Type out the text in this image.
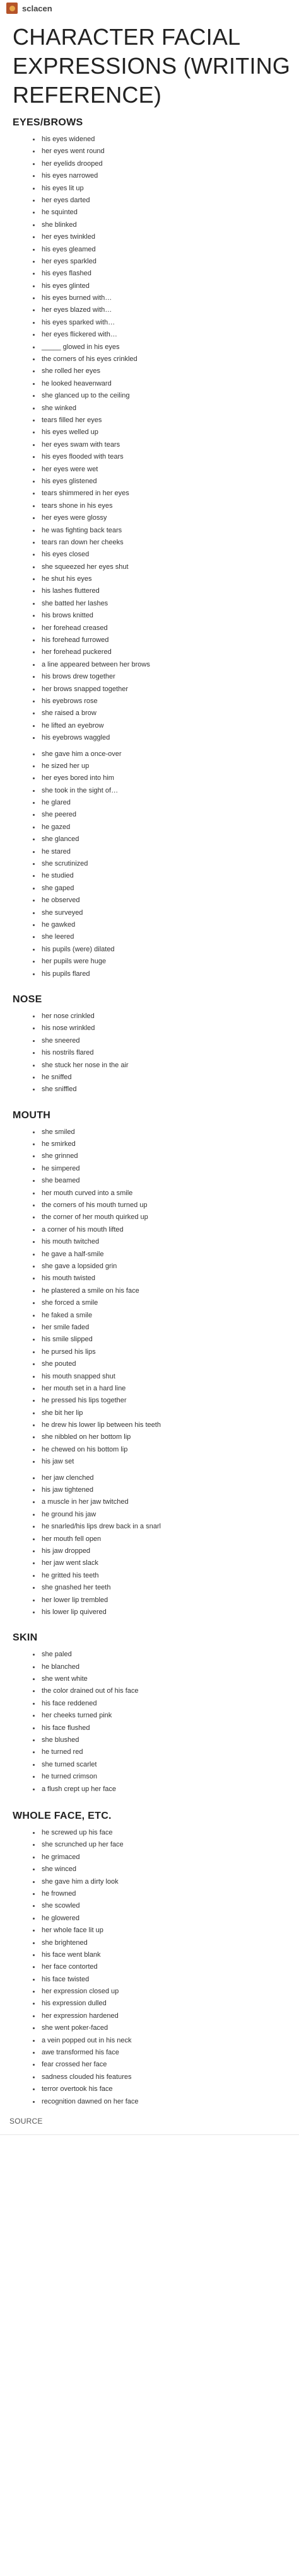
sclacen
CHARACTER FACIAL EXPRESSIONS (WRITING REFERENCE)
EYES/BROWS
his eyes widened
her eyes went round
her eyelids drooped
his eyes narrowed
his eyes lit up
her eyes darted
he squinted
she blinked
her eyes twinkled
his eyes gleamed
her eyes sparkled
his eyes flashed
his eyes glinted
his eyes burned with…
her eyes blazed with…
his eyes sparked with…
her eyes flickered with…
_____ glowed in his eyes
the corners of his eyes crinkled
she rolled her eyes
he looked heavenward
she glanced up to the ceiling
she winked
tears filled her eyes
his eyes welled up
her eyes swam with tears
his eyes flooded with tears
her eyes were wet
his eyes glistened
tears shimmered in her eyes
tears shone in his eyes
her eyes were glossy
he was fighting back tears
tears ran down her cheeks
his eyes closed
she squeezed her eyes shut
he shut his eyes
his lashes fluttered
she batted her lashes
his brows knitted
her forehead creased
his forehead furrowed
her forehead puckered
a line appeared between her brows
his brows drew together
her brows snapped together
his eyebrows rose
she raised a brow
he lifted an eyebrow
his eyebrows waggled
she gave him a once-over
he sized her up
her eyes bored into him
she took in the sight of…
he glared
she peered
he gazed
she glanced
he stared
she scrutinized
he studied
she gaped
he observed
she surveyed
he gawked
she leered
his pupils (were) dilated
her pupils were huge
his pupils flared
NOSE
her nose crinkled
his nose wrinkled
she sneered
his nostrils flared
she stuck her nose in the air
he sniffed
she sniffled
MOUTH
she smiled
he smirked
she grinned
he simpered
she beamed
her mouth curved into a smile
the corners of his mouth turned up
the corner of her mouth quirked up
a corner of his mouth lifted
his mouth twitched
he gave a half-smile
she gave a lopsided grin
his mouth twisted
he plastered a smile on his face
she forced a smile
he faked a smile
her smile faded
his smile slipped
he pursed his lips
she pouted
his mouth snapped shut
her mouth set in a hard line
he pressed his lips together
she bit her lip
he drew his lower lip between his teeth
she nibbled on her bottom lip
he chewed on his bottom lip
his jaw set
her jaw clenched
his jaw tightened
a muscle in her jaw twitched
he ground his jaw
he snarled/his lips drew back in a snarl
her mouth fell open
his jaw dropped
her jaw went slack
he gritted his teeth
she gnashed her teeth
her lower lip trembled
his lower lip quivered
SKIN
she paled
he blanched
she went white
the color drained out of his face
his face reddened
her cheeks turned pink
his face flushed
she blushed
he turned red
she turned scarlet
he turned crimson
a flush crept up her face
WHOLE FACE, ETC.
he screwed up his face
she scrunched up her face
he grimaced
she winced
she gave him a dirty look
he frowned
she scowled
he glowered
her whole face lit up
she brightened
his face went blank
her face contorted
his face twisted
her expression closed up
his expression dulled
her expression hardened
she went poker-faced
a vein popped out in his neck
awe transformed his face
fear crossed her face
sadness clouded his features
terror overtook his face
recognition dawned on her face
SOURCE
